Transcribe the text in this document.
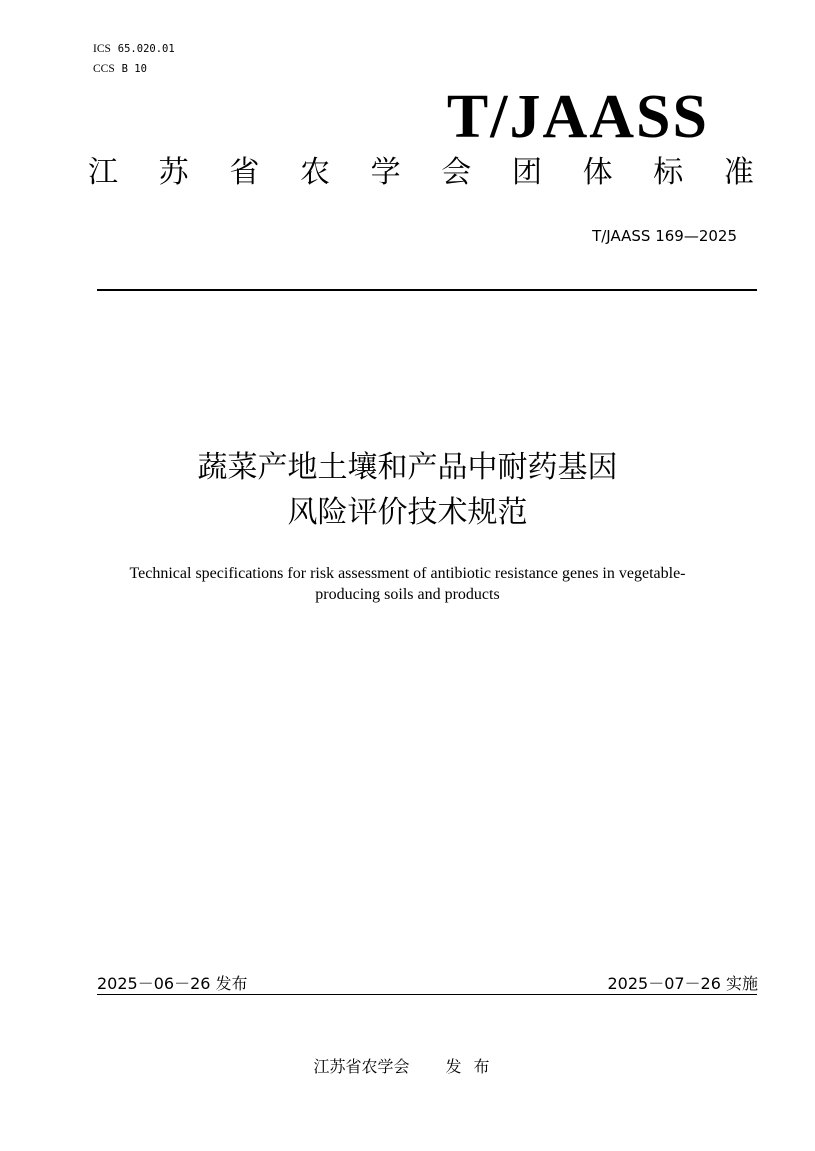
ICS 65.020.01
CCS B 10
T/JAASS
江 苏 省 农 学 会 团 体 标 准
T/JAASS 169—2025
蔬菜产地土壤和产品中耐药基因
风险评价技术规范
Technical specifications for risk assessment of antibiotic resistance genes in vegetable-producing soils and products
2025－06－26 发布	2025－07－26 实施
江苏省农学会 发布
